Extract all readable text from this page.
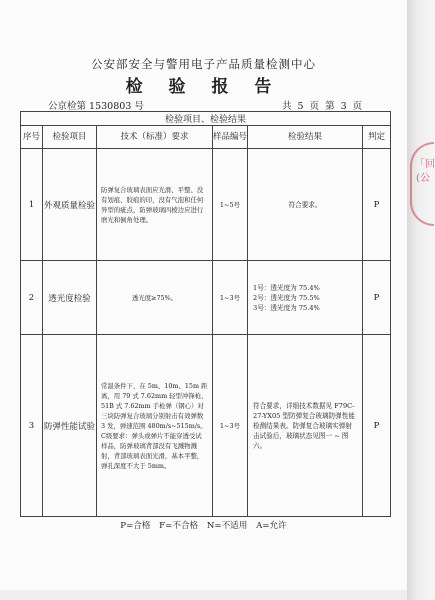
「回
(公
公安部安全与警用电子产品质量检测中心
检 验 报 告
公京检第 1530803 号	共 5 页 第 3 页
检验项目、检验结果					
序号	检验项目	技术（标准）要求	样品编号	检验结果	判定
1	外观质量检验	防弹复合玻璃表面应光滑、平整、没有划痕、胶痕的印，没有气泡和任何异型的疵点，防弹玻璃四棱边应进行磨光和倒角处理。	1~5号	符合要求。	P
2	透光度检验	透光度≥75%。	1~3号	1号：透光度为 75.4%
2号：透光度为 75.5%
3号：透光度为 75.4%	P
3	防弹性能试验	常温条件下，在 5m、10m、15m 距离，用 79 式 7.62mm 轻型冲锋枪、51B 式 7.62mm 手枪弹（钢心）对三块防弹复合玻璃分别射击有效弹数 3 发，弹速范围 480m/s~515m/s。C级要求：弹头或弹片不能穿透受试样品，防弹玻璃背部没有飞溅物溅射，背部玻璃表面光滑，基本平整，弹孔深度不大于 5mm。	1~3号	符合要求，详细技术数据见 F79C-27-YX05 型防弹复合玻璃防弹性能检测结果表。防弹复合玻璃实弹射击试验后，玻璃状态见图一 ~ 图六。	P
P=合格 F=不合格 N=不适用 A=允许
